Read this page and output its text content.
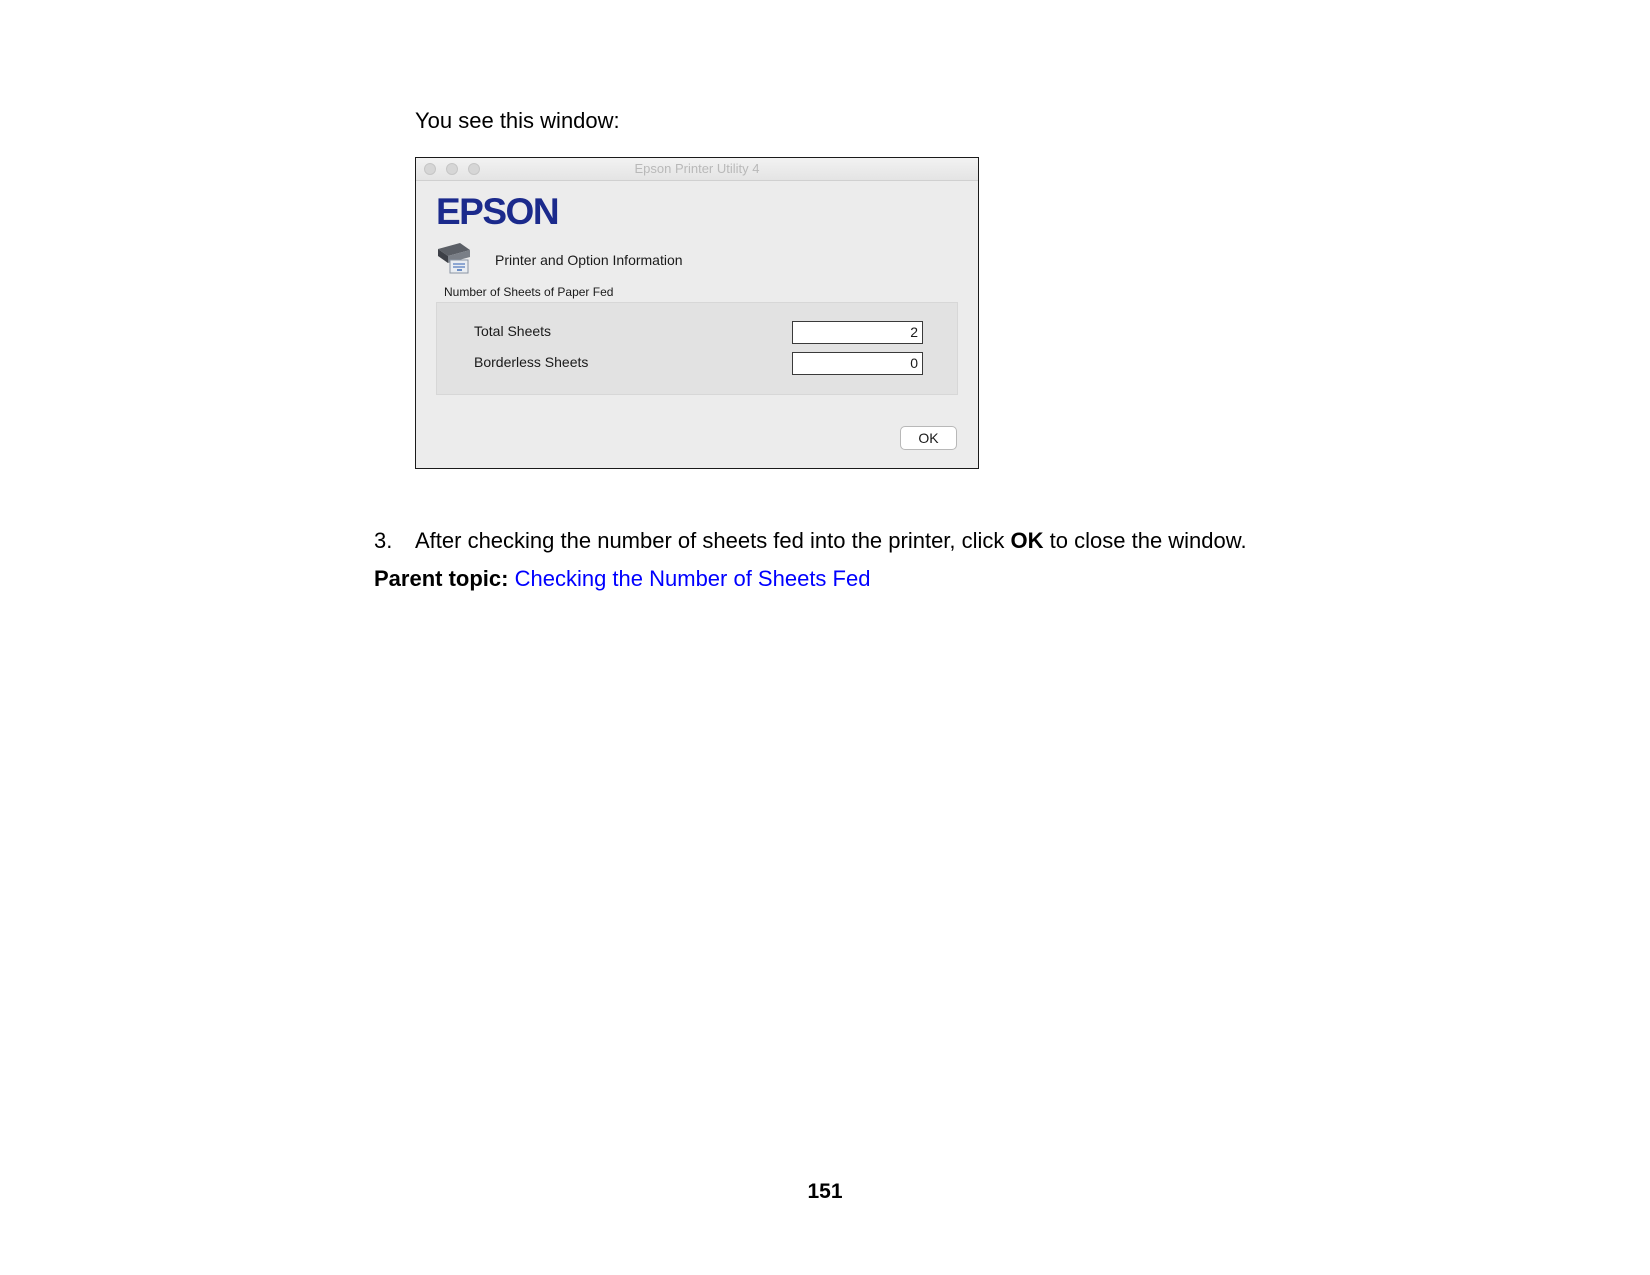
You see this window:
Epson Printer Utility 4
EPSON
Printer and Option Information
Number of Sheets of Paper Fed
Total Sheets	2
Borderless Sheets	0
OK
3. After checking the number of sheets fed into the printer, click OK to close the window.
Parent topic: Checking the Number of Sheets Fed
151
